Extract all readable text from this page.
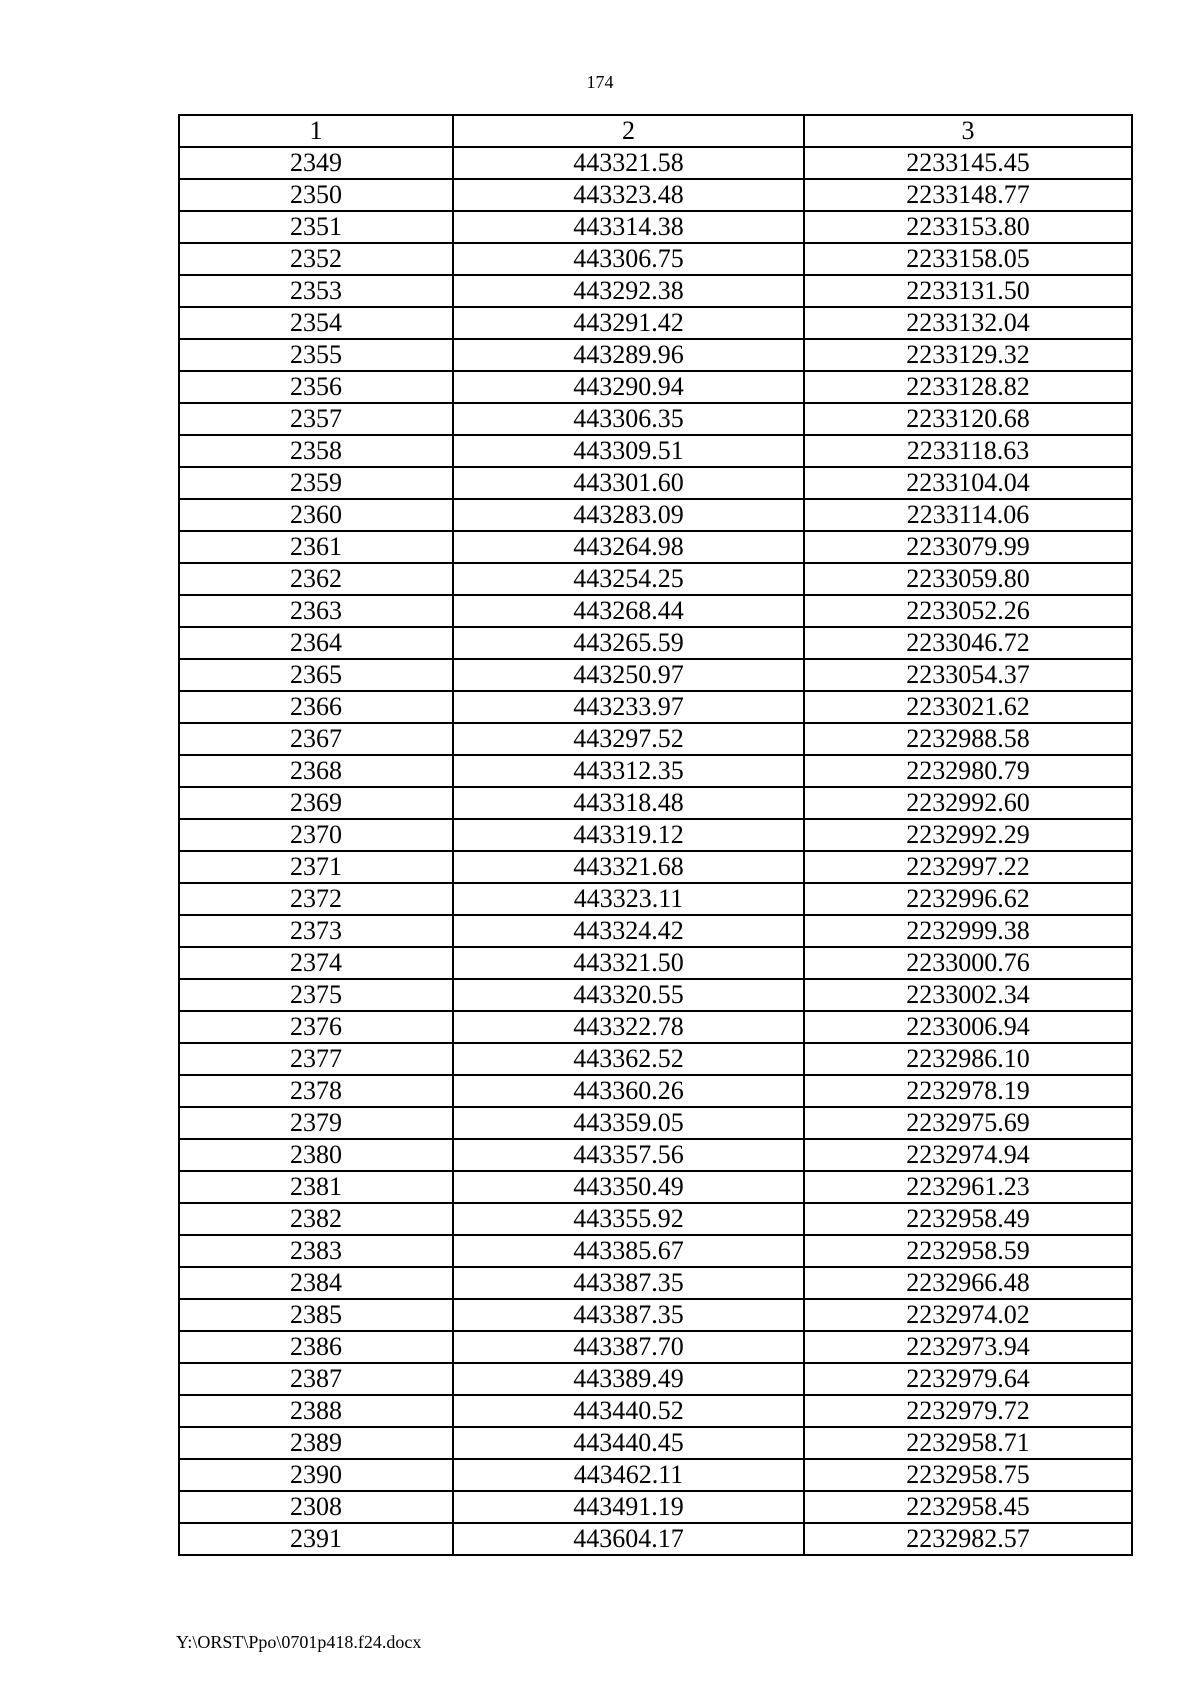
174
1	2	3
2349	443321.58	2233145.45
2350	443323.48	2233148.77
2351	443314.38	2233153.80
2352	443306.75	2233158.05
2353	443292.38	2233131.50
2354	443291.42	2233132.04
2355	443289.96	2233129.32
2356	443290.94	2233128.82
2357	443306.35	2233120.68
2358	443309.51	2233118.63
2359	443301.60	2233104.04
2360	443283.09	2233114.06
2361	443264.98	2233079.99
2362	443254.25	2233059.80
2363	443268.44	2233052.26
2364	443265.59	2233046.72
2365	443250.97	2233054.37
2366	443233.97	2233021.62
2367	443297.52	2232988.58
2368	443312.35	2232980.79
2369	443318.48	2232992.60
2370	443319.12	2232992.29
2371	443321.68	2232997.22
2372	443323.11	2232996.62
2373	443324.42	2232999.38
2374	443321.50	2233000.76
2375	443320.55	2233002.34
2376	443322.78	2233006.94
2377	443362.52	2232986.10
2378	443360.26	2232978.19
2379	443359.05	2232975.69
2380	443357.56	2232974.94
2381	443350.49	2232961.23
2382	443355.92	2232958.49
2383	443385.67	2232958.59
2384	443387.35	2232966.48
2385	443387.35	2232974.02
2386	443387.70	2232973.94
2387	443389.49	2232979.64
2388	443440.52	2232979.72
2389	443440.45	2232958.71
2390	443462.11	2232958.75
2308	443491.19	2232958.45
2391	443604.17	2232982.57
Y:\ORST\Ppo\0701p418.f24.docx
